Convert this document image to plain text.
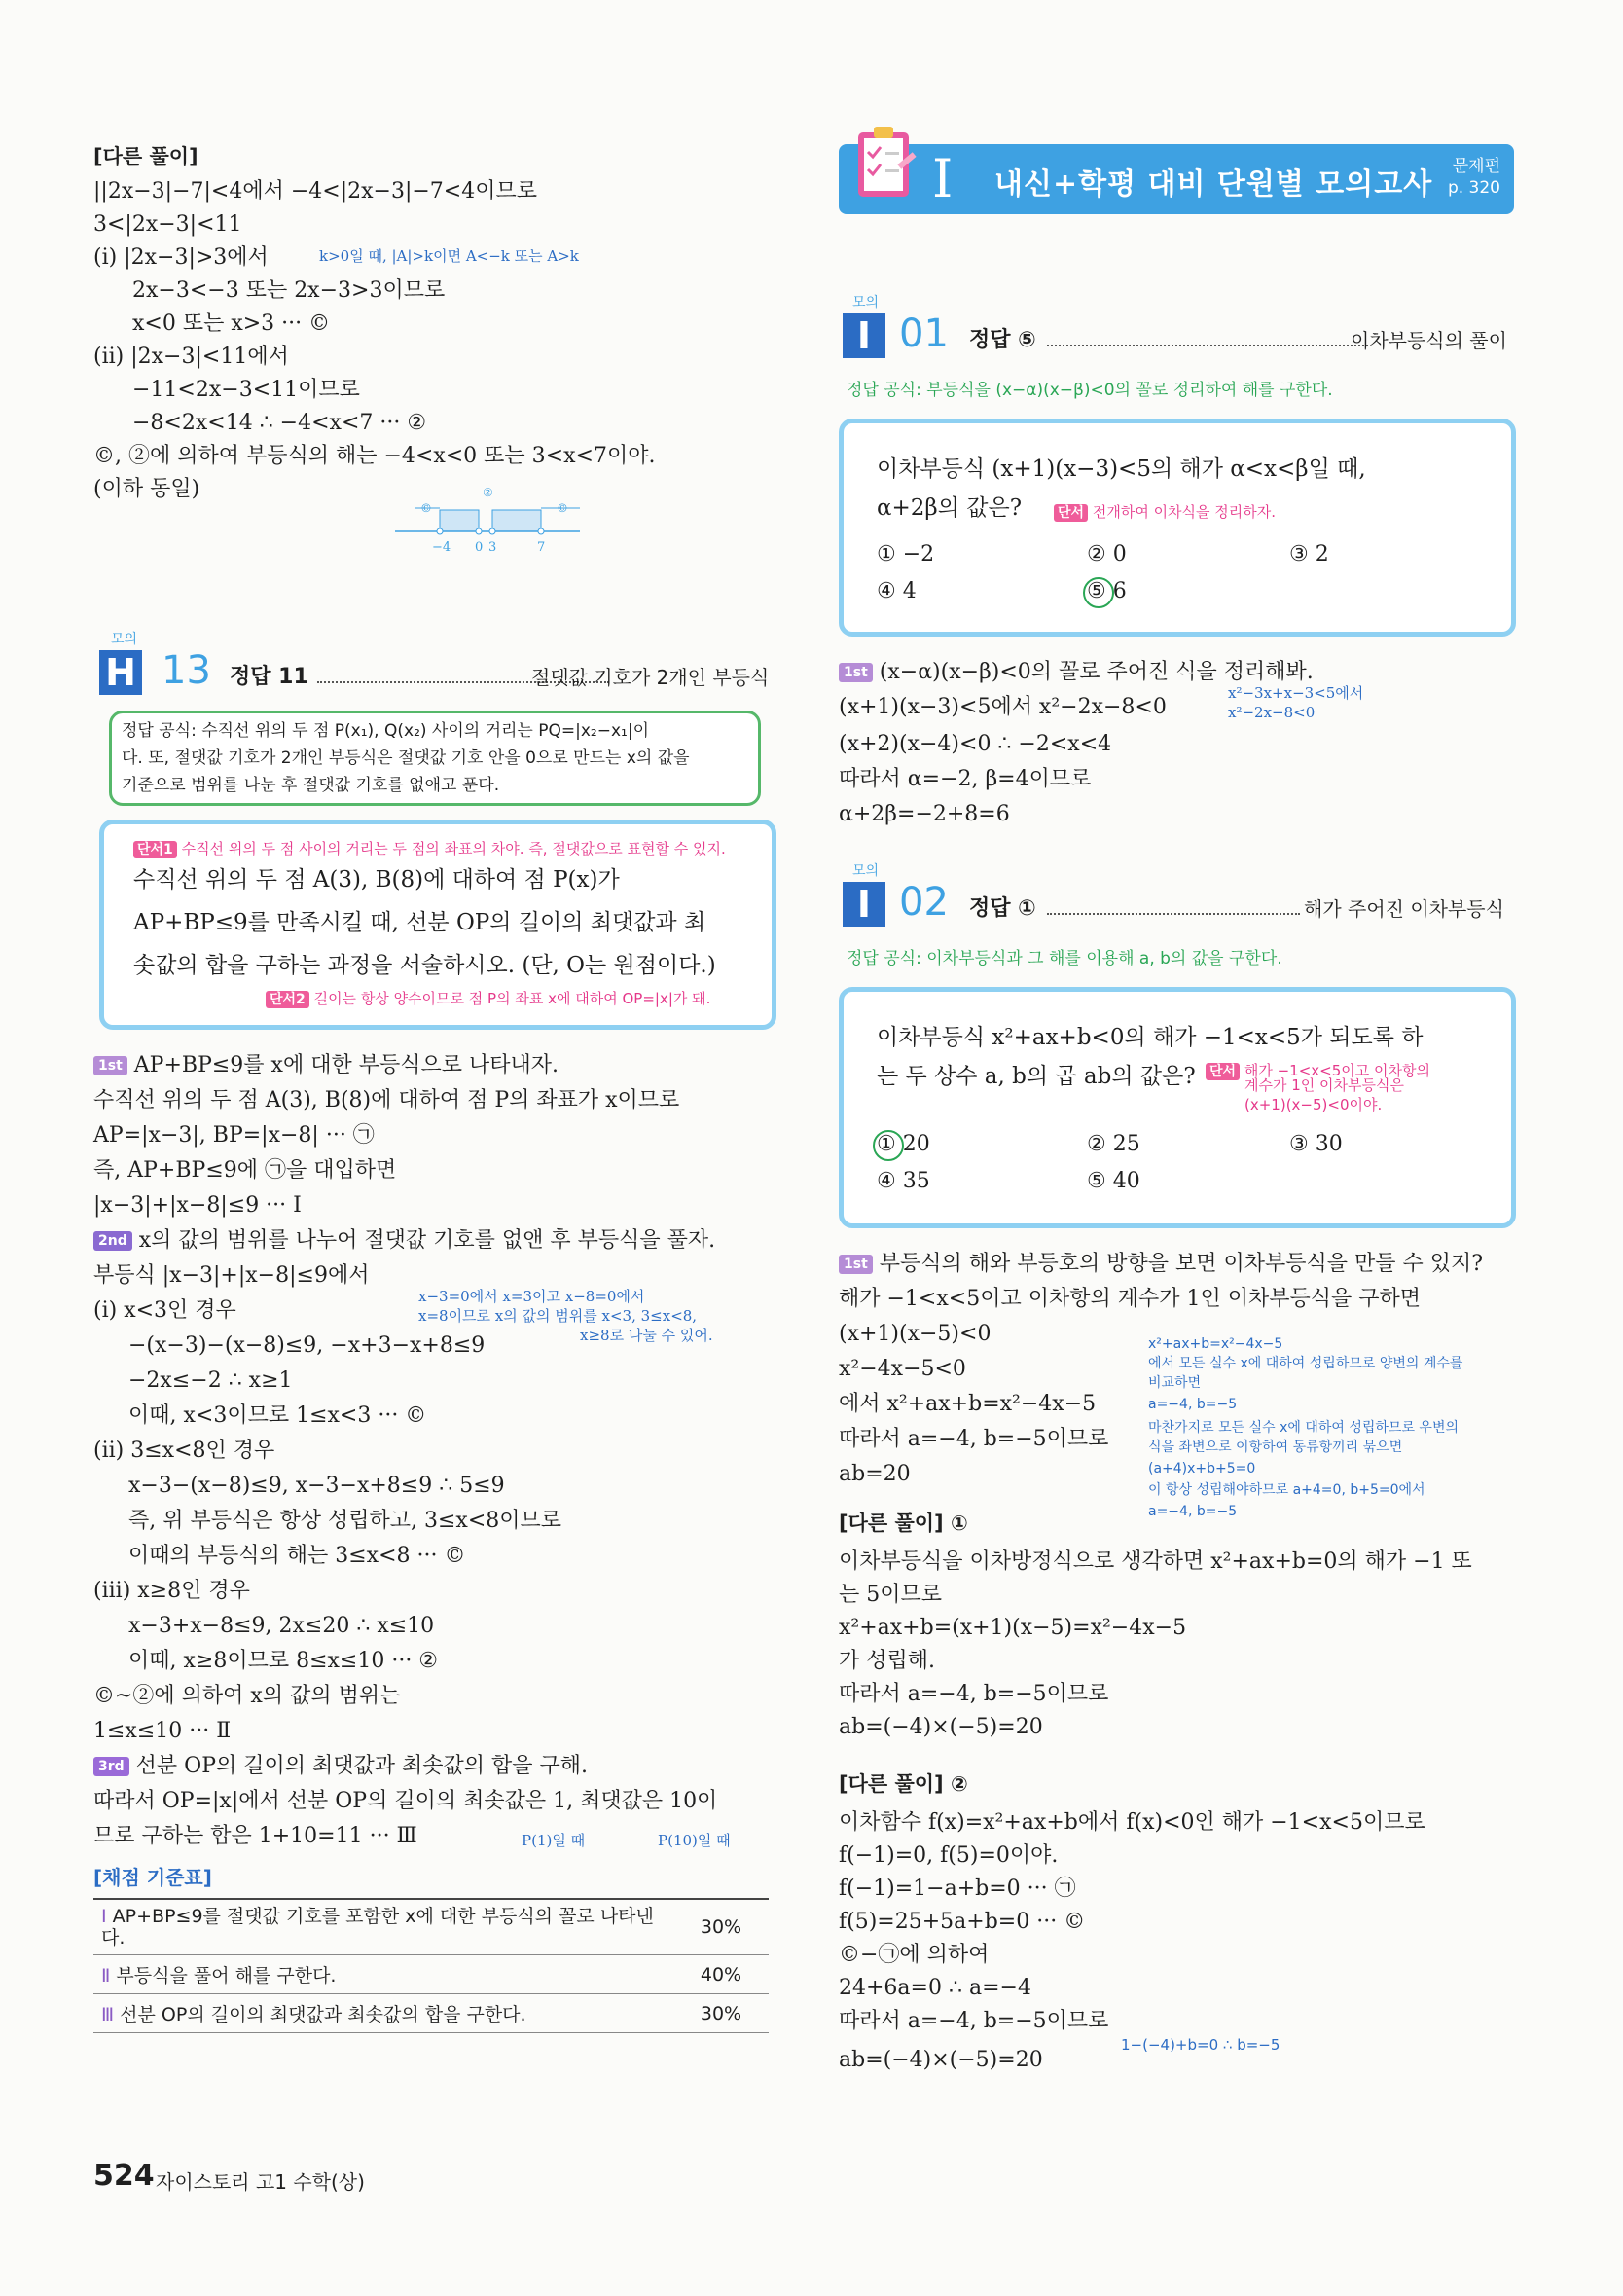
[다른 풀이]
||2x−3|−7|<4에서 −4<|2x−3|−7<4이므로
3<|2x−3|<11
(i) |2x−3|>3에서	k>0일 때, |A|>k이면 A<−k 또는 A>k
2x−3<−3 또는 2x−3>3이므로
x<0 또는 x>3 ··· ©
(ii) |2x−3|<11에서
−11<2x−3<11이므로
−8<2x<14 ∴ −4<x<7 ··· ②
©, ②에 의하여 부등식의 해는 −4<x<0 또는 3<x<7이야.
(이하 동일)
©
②
©
−4 0 3	7
모의
H 13 정답 11	절댓값 기호가 2개인 부등식
정답 공식: 수직선 위의 두 점 P(x₁), Q(x₂) 사이의 거리는 PQ=|x₂−x₁|이
다. 또, 절댓값 기호가 2개인 부등식은 절댓값 기호 안을 0으로 만드는 x의 값을
기준으로 범위를 나눈 후 절댓값 기호를 없애고 푼다.
단서1 수직선 위의 두 점 사이의 거리는 두 점의 좌표의 차야. 즉, 절댓값으로 표현할 수 있지.
수직선 위의 두 점 A(3), B(8)에 대하여 점 P(x)가
AP+BP≤9를 만족시킬 때, 선분 OP의 길이의 최댓값과 최
솟값의 합을 구하는 과정을 서술하시오. (단, O는 원점이다.)
단서2 길이는 항상 양수이므로 점 P의 좌표 x에 대하여 OP=|x|가 돼.
1st AP+BP≤9를 x에 대한 부등식으로 나타내자.
수직선 위의 두 점 A(3), B(8)에 대하여 점 P의 좌표가 x이므로
AP=|x−3|, BP=|x−8| ··· ㉠
즉, AP+BP≤9에 ㉠을 대입하면
|x−3|+|x−8|≤9 ··· Ⅰ
2nd x의 값의 범위를 나누어 절댓값 기호를 없앤 후 부등식을 풀자.
부등식 |x−3|+|x−8|≤9에서
x−3=0에서 x=3이고 x−8=0에서
x=8이므로 x의 값의 범위를 x<3, 3≤x<8,
x≥8로 나눌 수 있어.
(i) x<3인 경우
−(x−3)−(x−8)≤9, −x+3−x+8≤9
−2x≤−2 ∴ x≥1
이때, x<3이므로 1≤x<3 ··· ©
(ii) 3≤x<8인 경우
x−3−(x−8)≤9, x−3−x+8≤9 ∴ 5≤9
즉, 위 부등식은 항상 성립하고, 3≤x<8이므로
이때의 부등식의 해는 3≤x<8 ··· ©
(iii) x≥8인 경우
x−3+x−8≤9, 2x≤20 ∴ x≤10
이때, x≥8이므로 8≤x≤10 ··· ②
©~②에 의하여 x의 값의 범위는
1≤x≤10 ··· Ⅱ
3rd 선분 OP의 길이의 최댓값과 최솟값의 합을 구해.
따라서 OP=|x|에서 선분 OP의 길이의 최솟값은 1, 최댓값은 10이
므로 구하는 합은 1+10=11 ··· Ⅲ	P(1)일 때	P(10)일 때
[채점 기준표]
Ⅰ AP+BP≤9를 절댓값 기호를 포함한 x에 대한 부등식의 꼴로 나타낸다.	30%
Ⅱ 부등식을 풀어 해를 구한다.	40%
Ⅲ 선분 OP의 길이의 최댓값과 최솟값의 합을 구한다.	30%
I 내신+학평 대비 단원별 모의고사
문제편
p. 320
모의
I 01 정답 ⑤	이차부등식의 풀이
정답 공식: 부등식을 (x−α)(x−β)<0의 꼴로 정리하여 해를 구한다.
이차부등식 (x+1)(x−3)<5의 해가 α<x<β일 때,
α+2β의 값은?	단서 전개하여 이차식을 정리하자.
① −2	② 0	③ 2
④ 4	⑤ 6
1st (x−α)(x−β)<0의 꼴로 주어진 식을 정리해봐.
(x+1)(x−3)<5에서 x²−2x−8<0
x²−3x+x−3<5에서
x²−2x−8<0
(x+2)(x−4)<0 ∴ −2<x<4
따라서 α=−2, β=4이므로
α+2β=−2+8=6
모의
I 02 정답 ①	해가 주어진 이차부등식
정답 공식: 이차부등식과 그 해를 이용해 a, b의 값을 구한다.
이차부등식 x²+ax+b<0의 해가 −1<x<5가 되도록 하
는 두 상수 a, b의 곱 ab의 값은? 단서 해가 −1<x<5이고 이차항의
계수가 1인 이차부등식은
(x+1)(x−5)<0이야.
① 20	② 25	③ 30
④ 35	⑤ 40
1st 부등식의 해와 부등호의 방향을 보면 이차부등식을 만들 수 있지?
해가 −1<x<5이고 이차항의 계수가 1인 이차부등식을 구하면
(x+1)(x−5)<0
x²−4x−5<0
에서 x²+ax+b=x²−4x−5
따라서 a=−4, b=−5이므로
ab=20
x²+ax+b=x²−4x−5
에서 모든 실수 x에 대하여 성립하므로 양변의 계수를
비교하면
a=−4, b=−5
마찬가지로 모든 실수 x에 대하여 성립하므로 우변의
식을 좌변으로 이항하여 동류항끼리 묶으면
(a+4)x+b+5=0
이 항상 성립해야하므로 a+4=0, b+5=0에서
a=−4, b=−5
[다른 풀이] ①
이차부등식을 이차방정식으로 생각하면 x²+ax+b=0의 해가 −1 또
는 5이므로
x²+ax+b=(x+1)(x−5)=x²−4x−5
가 성립해.
따라서 a=−4, b=−5이므로
ab=(−4)×(−5)=20
[다른 풀이] ②
이차함수 f(x)=x²+ax+b에서 f(x)<0인 해가 −1<x<5이므로
f(−1)=0, f(5)=0이야.
f(−1)=1−a+b=0 ··· ㉠
f(5)=25+5a+b=0 ··· ©
©−㉠에 의하여
24+6a=0 ∴ a=−4
따라서 a=−4, b=−5이므로
1−(−4)+b=0 ∴ b=−5
ab=(−4)×(−5)=20
524 자이스토리 고1 수학(상)
